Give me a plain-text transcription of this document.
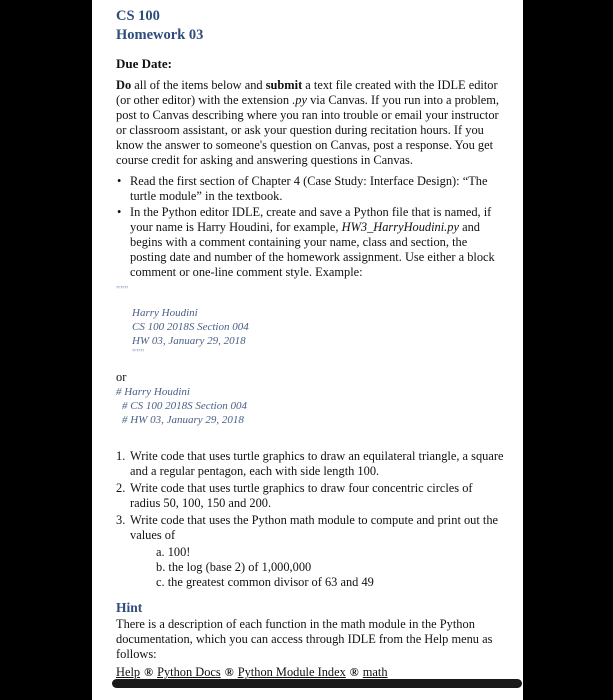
CS 100
Homework 03
Due Date:

Do all of the items below and submit a text file created with the IDLE editor (or other editor) with the extension .py via Canvas. If you run into a problem, post to Canvas describing where you ran into trouble or email your instructor or classroom assistant, or ask your question during recitation hours. If you know the answer to someone's question on Canvas, post a response. You get course credit for asking and answering questions in Canvas.

• Read the first section of Chapter 4 (Case Study: Interface Design): “The turtle module” in the textbook.
• In the Python editor IDLE, create and save a Python file that is named, if your name is Harry Houdini, for example, HW3_HarryHoudini.py and begins with a comment containing your name, class and section, the posting date and number of the homework assignment. Use either a block comment or one-line comment style. Example:
"""
Harry Houdini
CS 100 2018S Section 004
HW 03, January 29, 2018
"""
or
# Harry Houdini
# CS 100 2018S Section 004
# HW 03, January 29, 2018
1. Write code that uses turtle graphics to draw an equilateral triangle, a square and a regular pentagon, each with side length 100.
2. Write code that uses turtle graphics to draw four concentric circles of radius 50, 100, 150 and 200.
3. Write code that uses the Python math module to compute and print out the values of
a. 100!
b. the log (base 2) of 1,000,000
c. the greatest common divisor of 63 and 49
Hint

There is a description of each function in the math module in the Python documentation, which you can access through IDLE from the Help menu as follows:

Help ® Python Docs ® Python Module Index ® math
